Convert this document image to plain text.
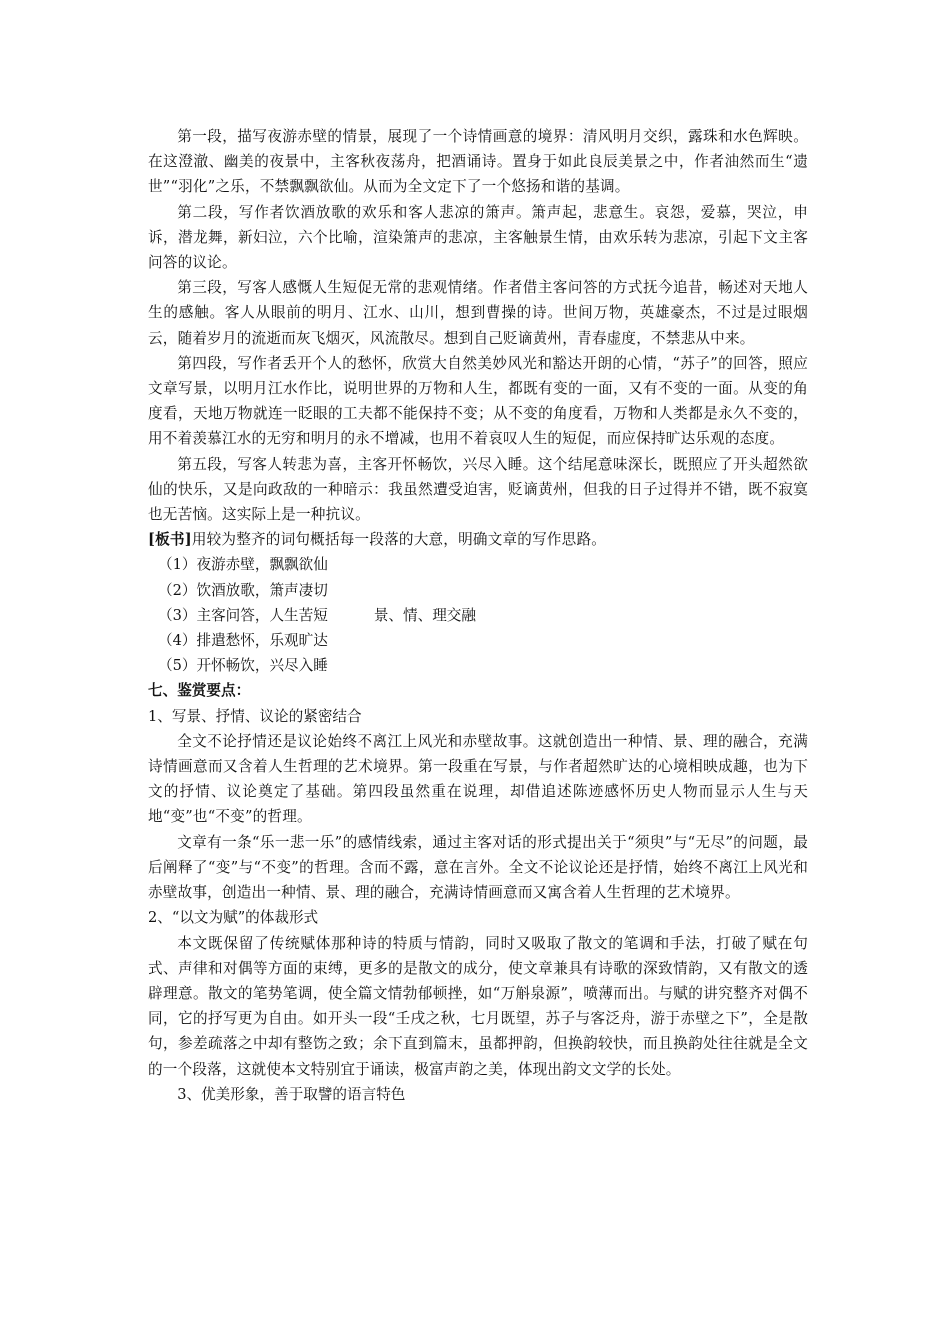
第一段，描写夜游赤壁的情景，展现了一个诗情画意的境界：清风明月交织，露珠和水色辉映。在这澄澈、幽美的夜景中，主客秋夜荡舟，把酒诵诗。置身于如此良辰美景之中，作者油然而生“遗世”“羽化”之乐，不禁飘飘欲仙。从而为全文定下了一个悠扬和谐的基调。

第二段，写作者饮酒放歌的欢乐和客人悲凉的箫声。箫声起，悲意生。哀怨，爱慕，哭泣，申诉，潜龙舞，新妇泣，六个比喻，渲染箫声的悲凉，主客触景生情，由欢乐转为悲凉，引起下文主客问答的议论。

第三段，写客人感慨人生短促无常的悲观情绪。作者借主客问答的方式抚今追昔，畅述对天地人生的感触。客人从眼前的明月、江水、山川，想到曹操的诗。世间万物，英雄豪杰，不过是过眼烟云，随着岁月的流逝而灰飞烟灭，风流散尽。想到自己贬谪黄州，青春虚度，不禁悲从中来。

第四段，写作者丢开个人的愁怀，欣赏大自然美妙风光和豁达开朗的心情，“苏子”的回答，照应文章写景，以明月江水作比，说明世界的万物和人生，都既有变的一面，又有不变的一面。从变的角度看，天地万物就连一眨眼的工夫都不能保持不变；从不变的角度看，万物和人类都是永久不变的，用不着羡慕江水的无穷和明月的永不增减，也用不着哀叹人生的短促，而应保持旷达乐观的态度。

第五段，写客人转悲为喜，主客开怀畅饮，兴尽入睡。这个结尾意味深长，既照应了开头超然欲仙的快乐，又是向政敌的一种暗示：我虽然遭受迫害，贬谪黄州，但我的日子过得并不错，既不寂寞也无苦恼。这实际上是一种抗议。

[板书]用较为整齐的词句概括每一段落的大意，明确文章的写作思路。

（1）夜游赤壁，飘飘欲仙

（2）饮酒放歌，箫声凄切

（3）主客问答，人生苦短	景、情、理交融

（4）排遣愁怀，乐观旷达

（5）开怀畅饮，兴尽入睡

七、鉴赏要点：

1、写景、抒情、议论的紧密结合

全文不论抒情还是议论始终不离江上风光和赤壁故事。这就创造出一种情、景、理的融合，充满诗情画意而又含着人生哲理的艺术境界。第一段重在写景，与作者超然旷达的心境相映成趣，也为下文的抒情、议论奠定了基础。第四段虽然重在说理，却借追述陈迹感怀历史人物而显示人生与天地“变”也“不变”的哲理。

文章有一条“乐一悲一乐”的感情线索，通过主客对话的形式提出关于“须臾”与“无尽”的问题，最后阐释了“变”与“不变”的哲理。含而不露，意在言外。全文不论议论还是抒情，始终不离江上风光和赤壁故事，创造出一种情、景、理的融合，充满诗情画意而又寓含着人生哲理的艺术境界。

2、“以文为赋”的体裁形式

本文既保留了传统赋体那种诗的特质与情韵，同时又吸取了散文的笔调和手法，打破了赋在句式、声律和对偶等方面的束缚，更多的是散文的成分，使文章兼具有诗歌的深致情韵，又有散文的透辟理意。散文的笔势笔调，使全篇文情勃郁顿挫，如“万斛泉源”，喷薄而出。与赋的讲究整齐对偶不同，它的抒写更为自由。如开头一段“壬戌之秋，七月既望，苏子与客泛舟，游于赤壁之下”，全是散句，参差疏落之中却有整饬之致；余下直到篇末，虽都押韵，但换韵较快，而且换韵处往往就是全文的一个段落，这就使本文特别宜于诵读，极富声韵之美，体现出韵文文学的长处。

3、优美形象，善于取譬的语言特色
